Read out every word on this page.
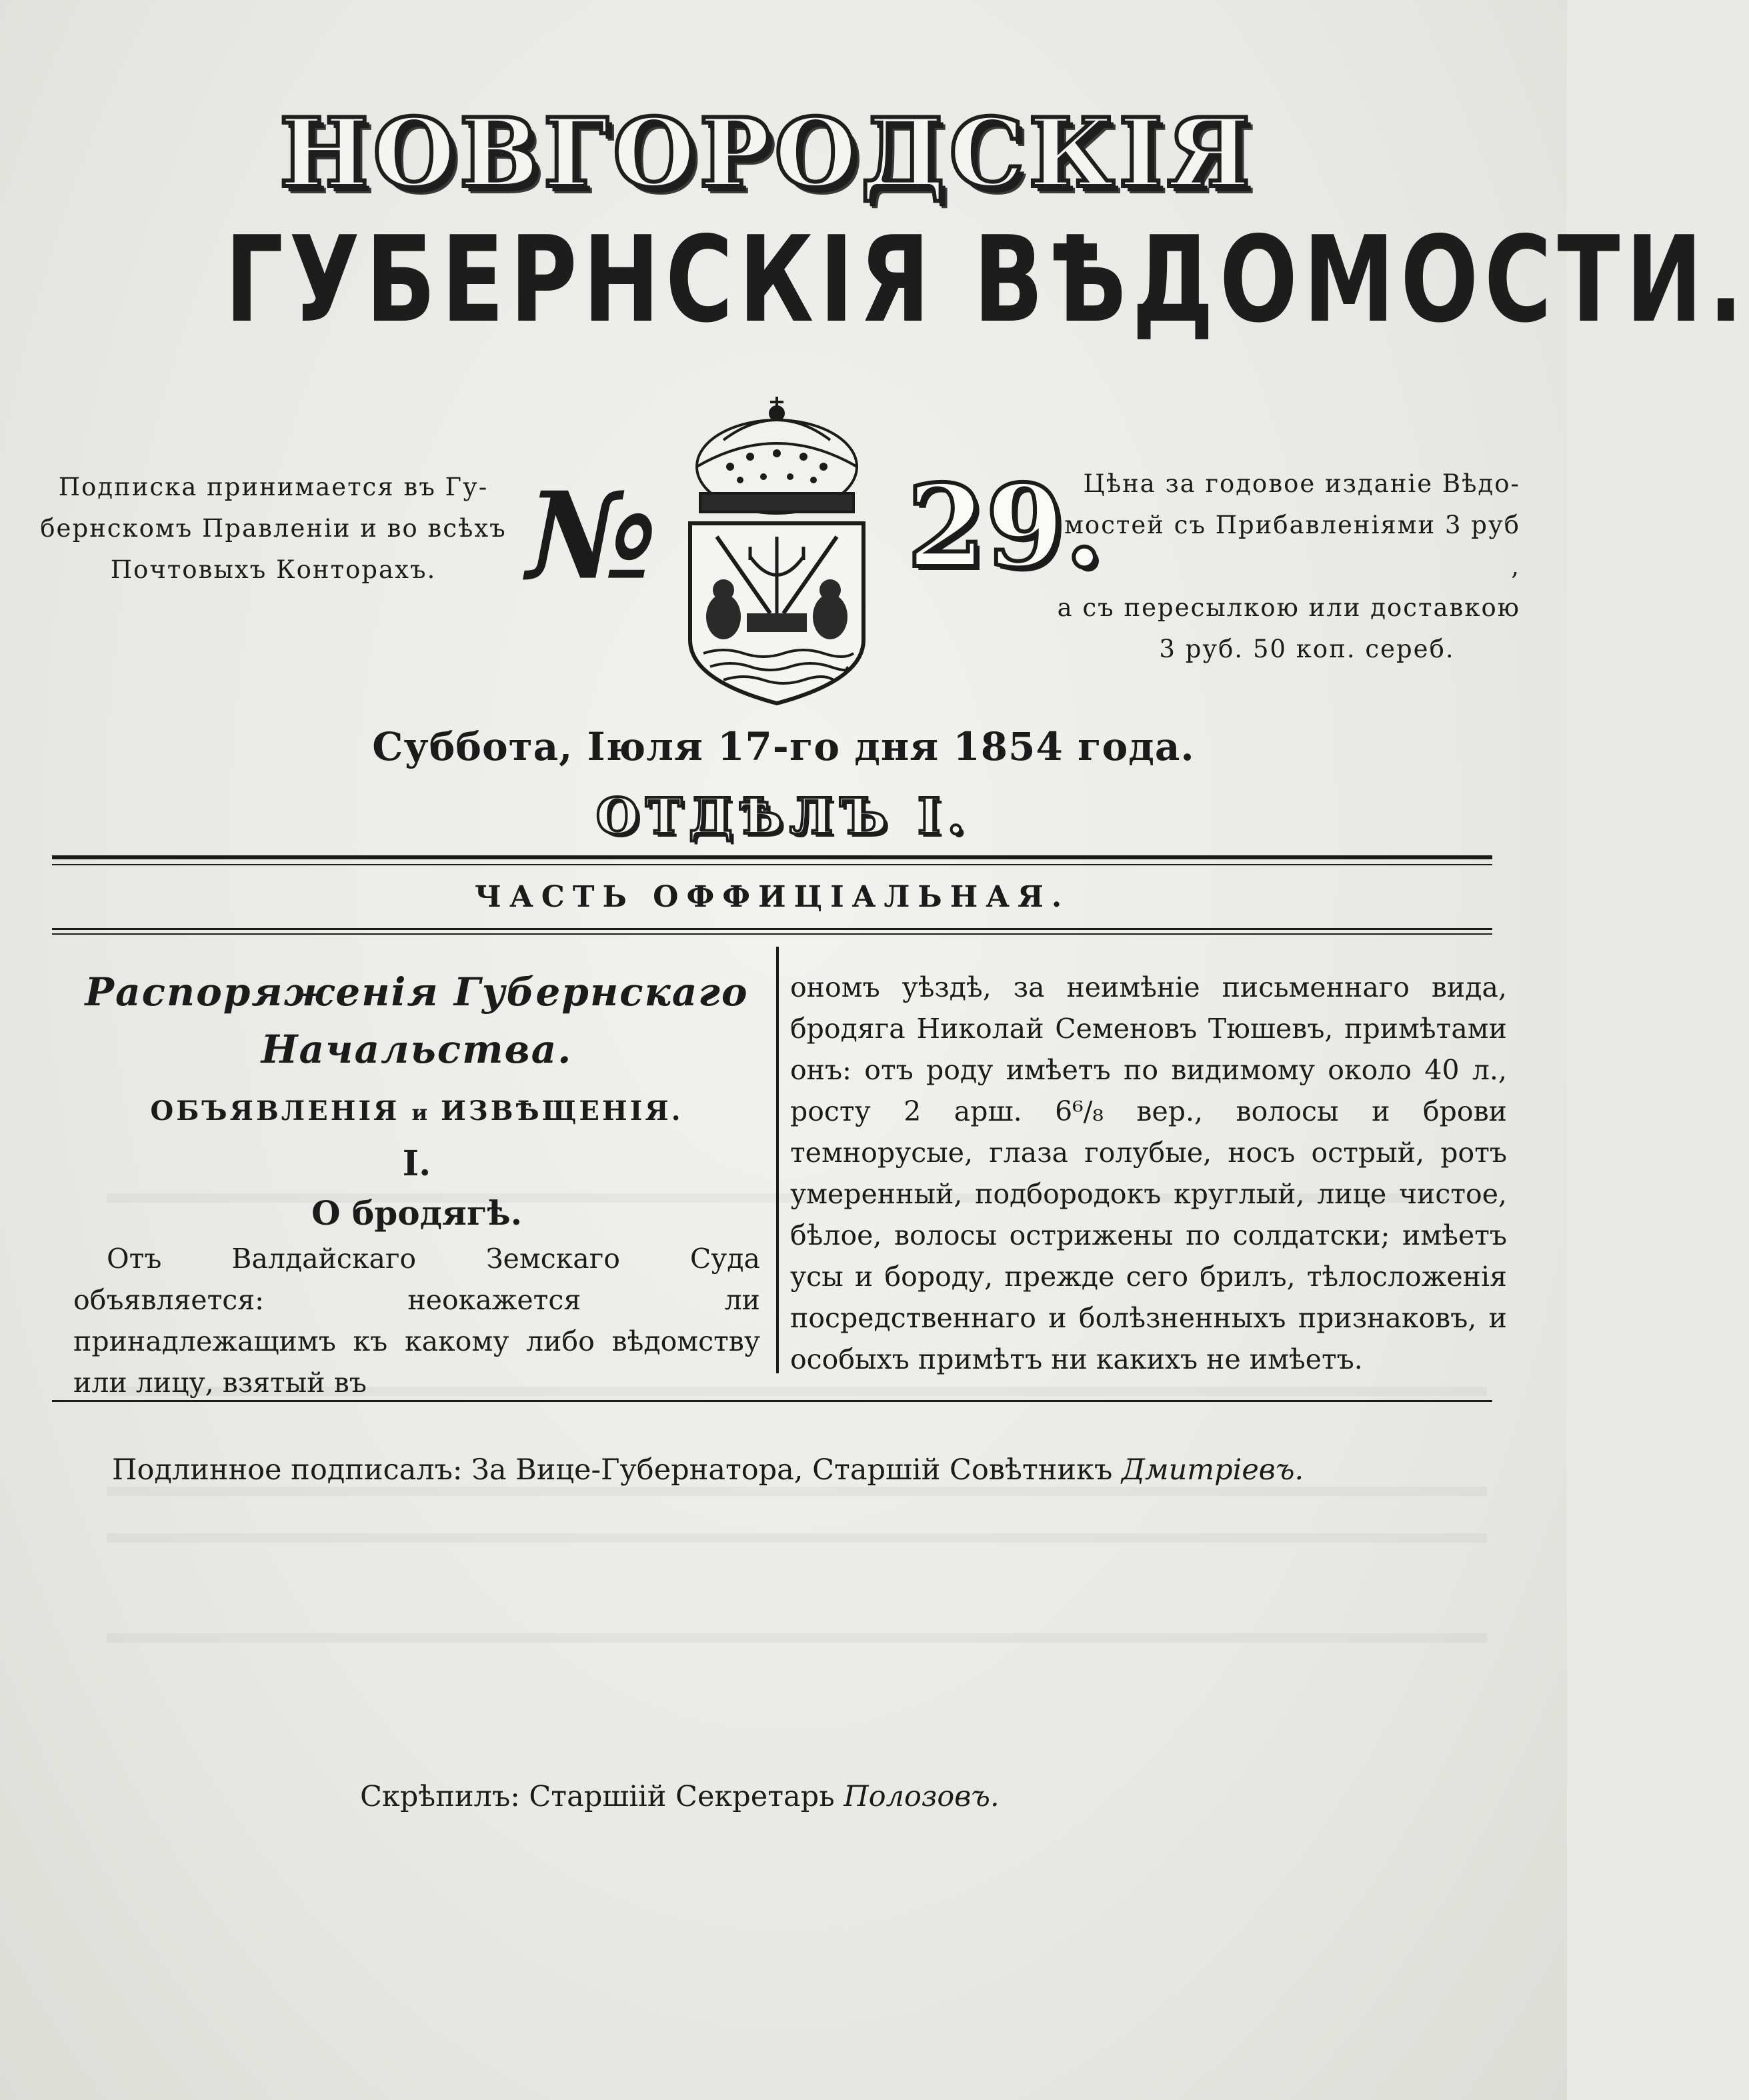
НОВГОРОДСКІЯ
ГУБЕРНСКІЯ ВѢДОМОСТИ.
Подписка принимается въ Гу-
бернскомъ Правленіи и во всѣхъ
Почтовыхъ Конторахъ. № 29.
Цѣна за годовое изданіе Вѣдо-
мостей съ Прибавленіями 3 руб ,
а съ пересылкою или доставкою
3 руб. 50 коп. сереб.
Суббота, Іюля 17-го дня 1854 года.
ОТДѢЛЪ I.
ЧАСТЬ ОФФИЦІАЛЬНАЯ.
Распоряженія Губернскаго
Начальства.
ОБЪЯВЛЕНІЯ и ИЗВѢЩЕНІЯ.
I.
О бродягѣ.
Отъ Валдайскаго Земскаго Суда объявляется: неокажется ли принадлежащимъ къ какому либо вѣдомству или лицу, взятый въ
ономъ уѣздѣ, за неимѣніе письменнаго вида, бродяга Николай Семеновъ Тюшевъ, примѣтами онъ: отъ роду имѣетъ по видимому около 40 л., росту 2 арш. 6⁶/₈ вер., волосы и брови темнорусые, глаза голубые, носъ острый, ротъ умеренный, подбородокъ круглый, лице чистое, бѣлое, волосы острижены по солдатски; имѣетъ усы и бороду, прежде сего брилъ, тѣлосложенія посредственнаго и болѣзненныхъ признаковъ, и особыхъ примѣтъ ни какихъ не имѣетъ.
Подлинное подписалъ: За Вице-Губернатора, Старшій Совѣтникъ Дмитріевъ.
Скрѣпилъ: Старшіій Секретарь Полозовъ.
